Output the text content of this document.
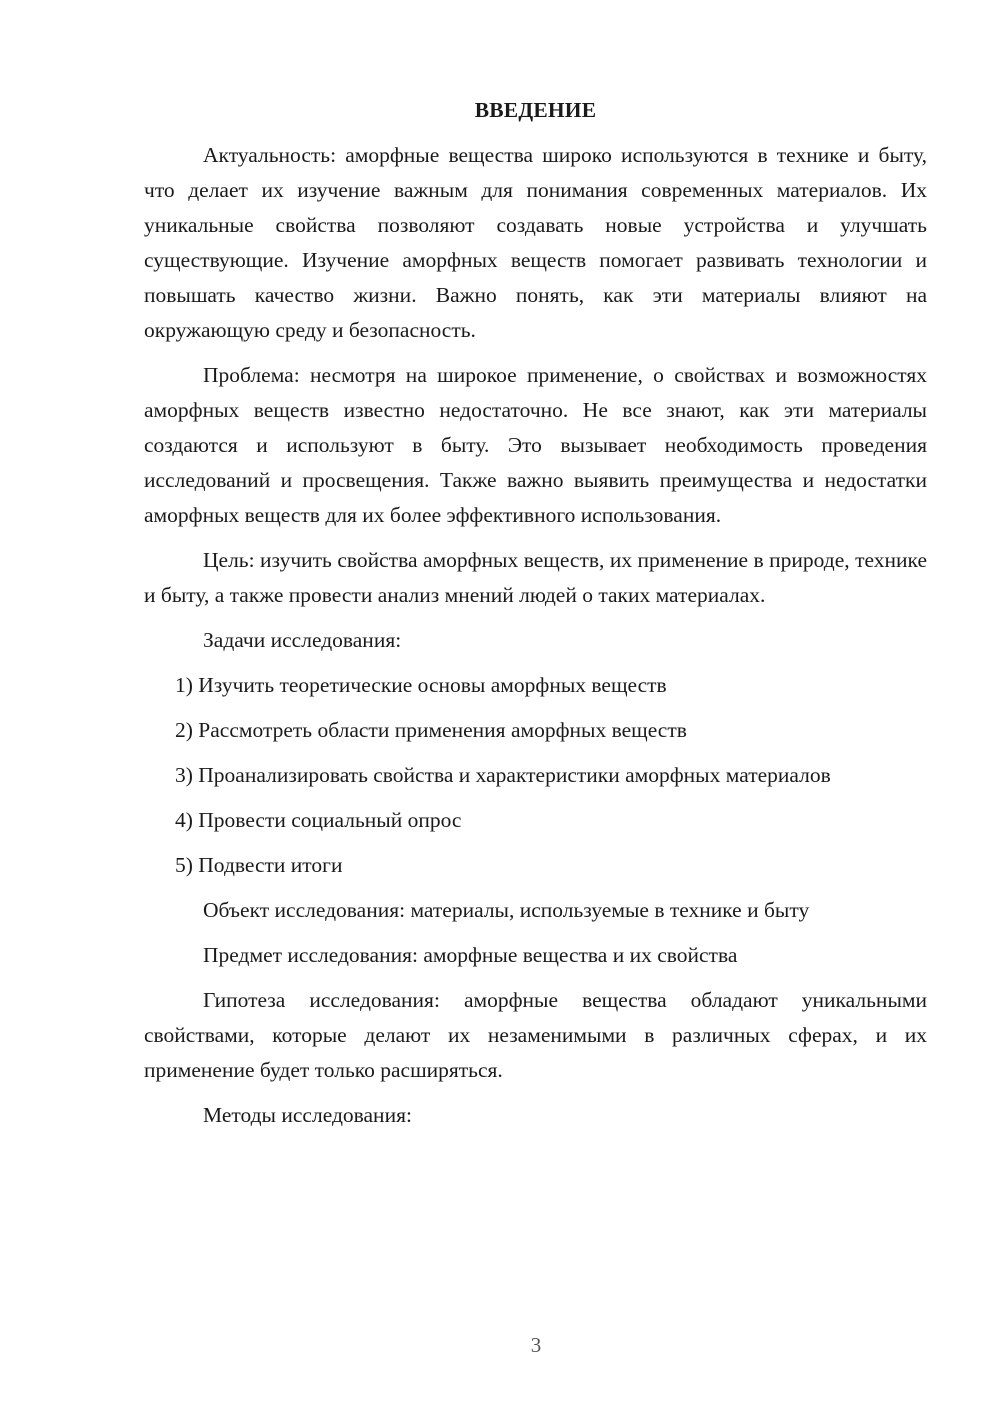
ВВЕДЕНИЕ

Актуальность: аморфные вещества широко используются в технике и быту, что делает их изучение важным для понимания современных материалов. Их уникальные свойства позволяют создавать новые устройства и улучшать существующие. Изучение аморфных веществ помогает развивать технологии и повышать качество жизни. Важно понять, как эти материалы влияют на окружающую среду и безопасность.

Проблема: несмотря на широкое применение, о свойствах и возможностях аморфных веществ известно недостаточно. Не все знают, как эти материалы создаются и используют в быту. Это вызывает необходимость проведения исследований и просвещения. Также важно выявить преимущества и недостатки аморфных веществ для их более эффективного использования.

Цель: изучить свойства аморфных веществ, их применение в природе, технике и быту, а также провести анализ мнений людей о таких материалах.

Задачи исследования:

1) Изучить теоретические основы аморфных веществ

2) Рассмотреть области применения аморфных веществ

3) Проанализировать свойства и характеристики аморфных материалов

4) Провести социальный опрос

5) Подвести итоги

Объект исследования: материалы, используемые в технике и быту

Предмет исследования: аморфные вещества и их свойства

Гипотеза исследования: аморфные вещества обладают уникальными свойствами, которые делают их незаменимыми в различных сферах, и их применение будет только расширяться.

Методы исследования:

3
